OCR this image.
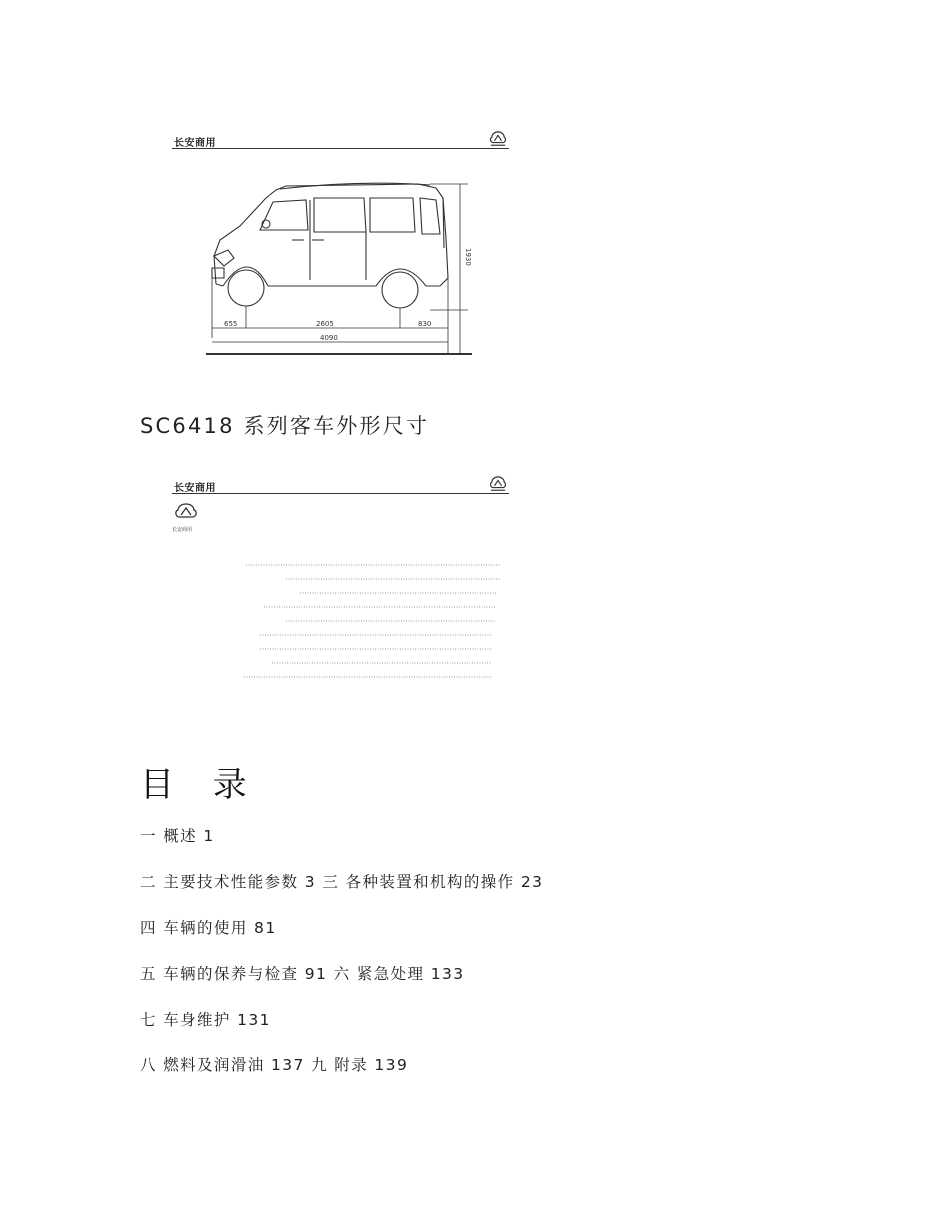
长安商用
655	2605	830
4090
1930
SC6418 系列客车外形尺寸
长安商用
长安商用
目 录
一 概述 1
二 主要技术性能参数 3 三 各种装置和机构的操作 23
四 车辆的使用 81
五 车辆的保养与检查 91 六 紧急处理 133
七 车身维护 131
八 燃料及润滑油 137 九 附录 139
